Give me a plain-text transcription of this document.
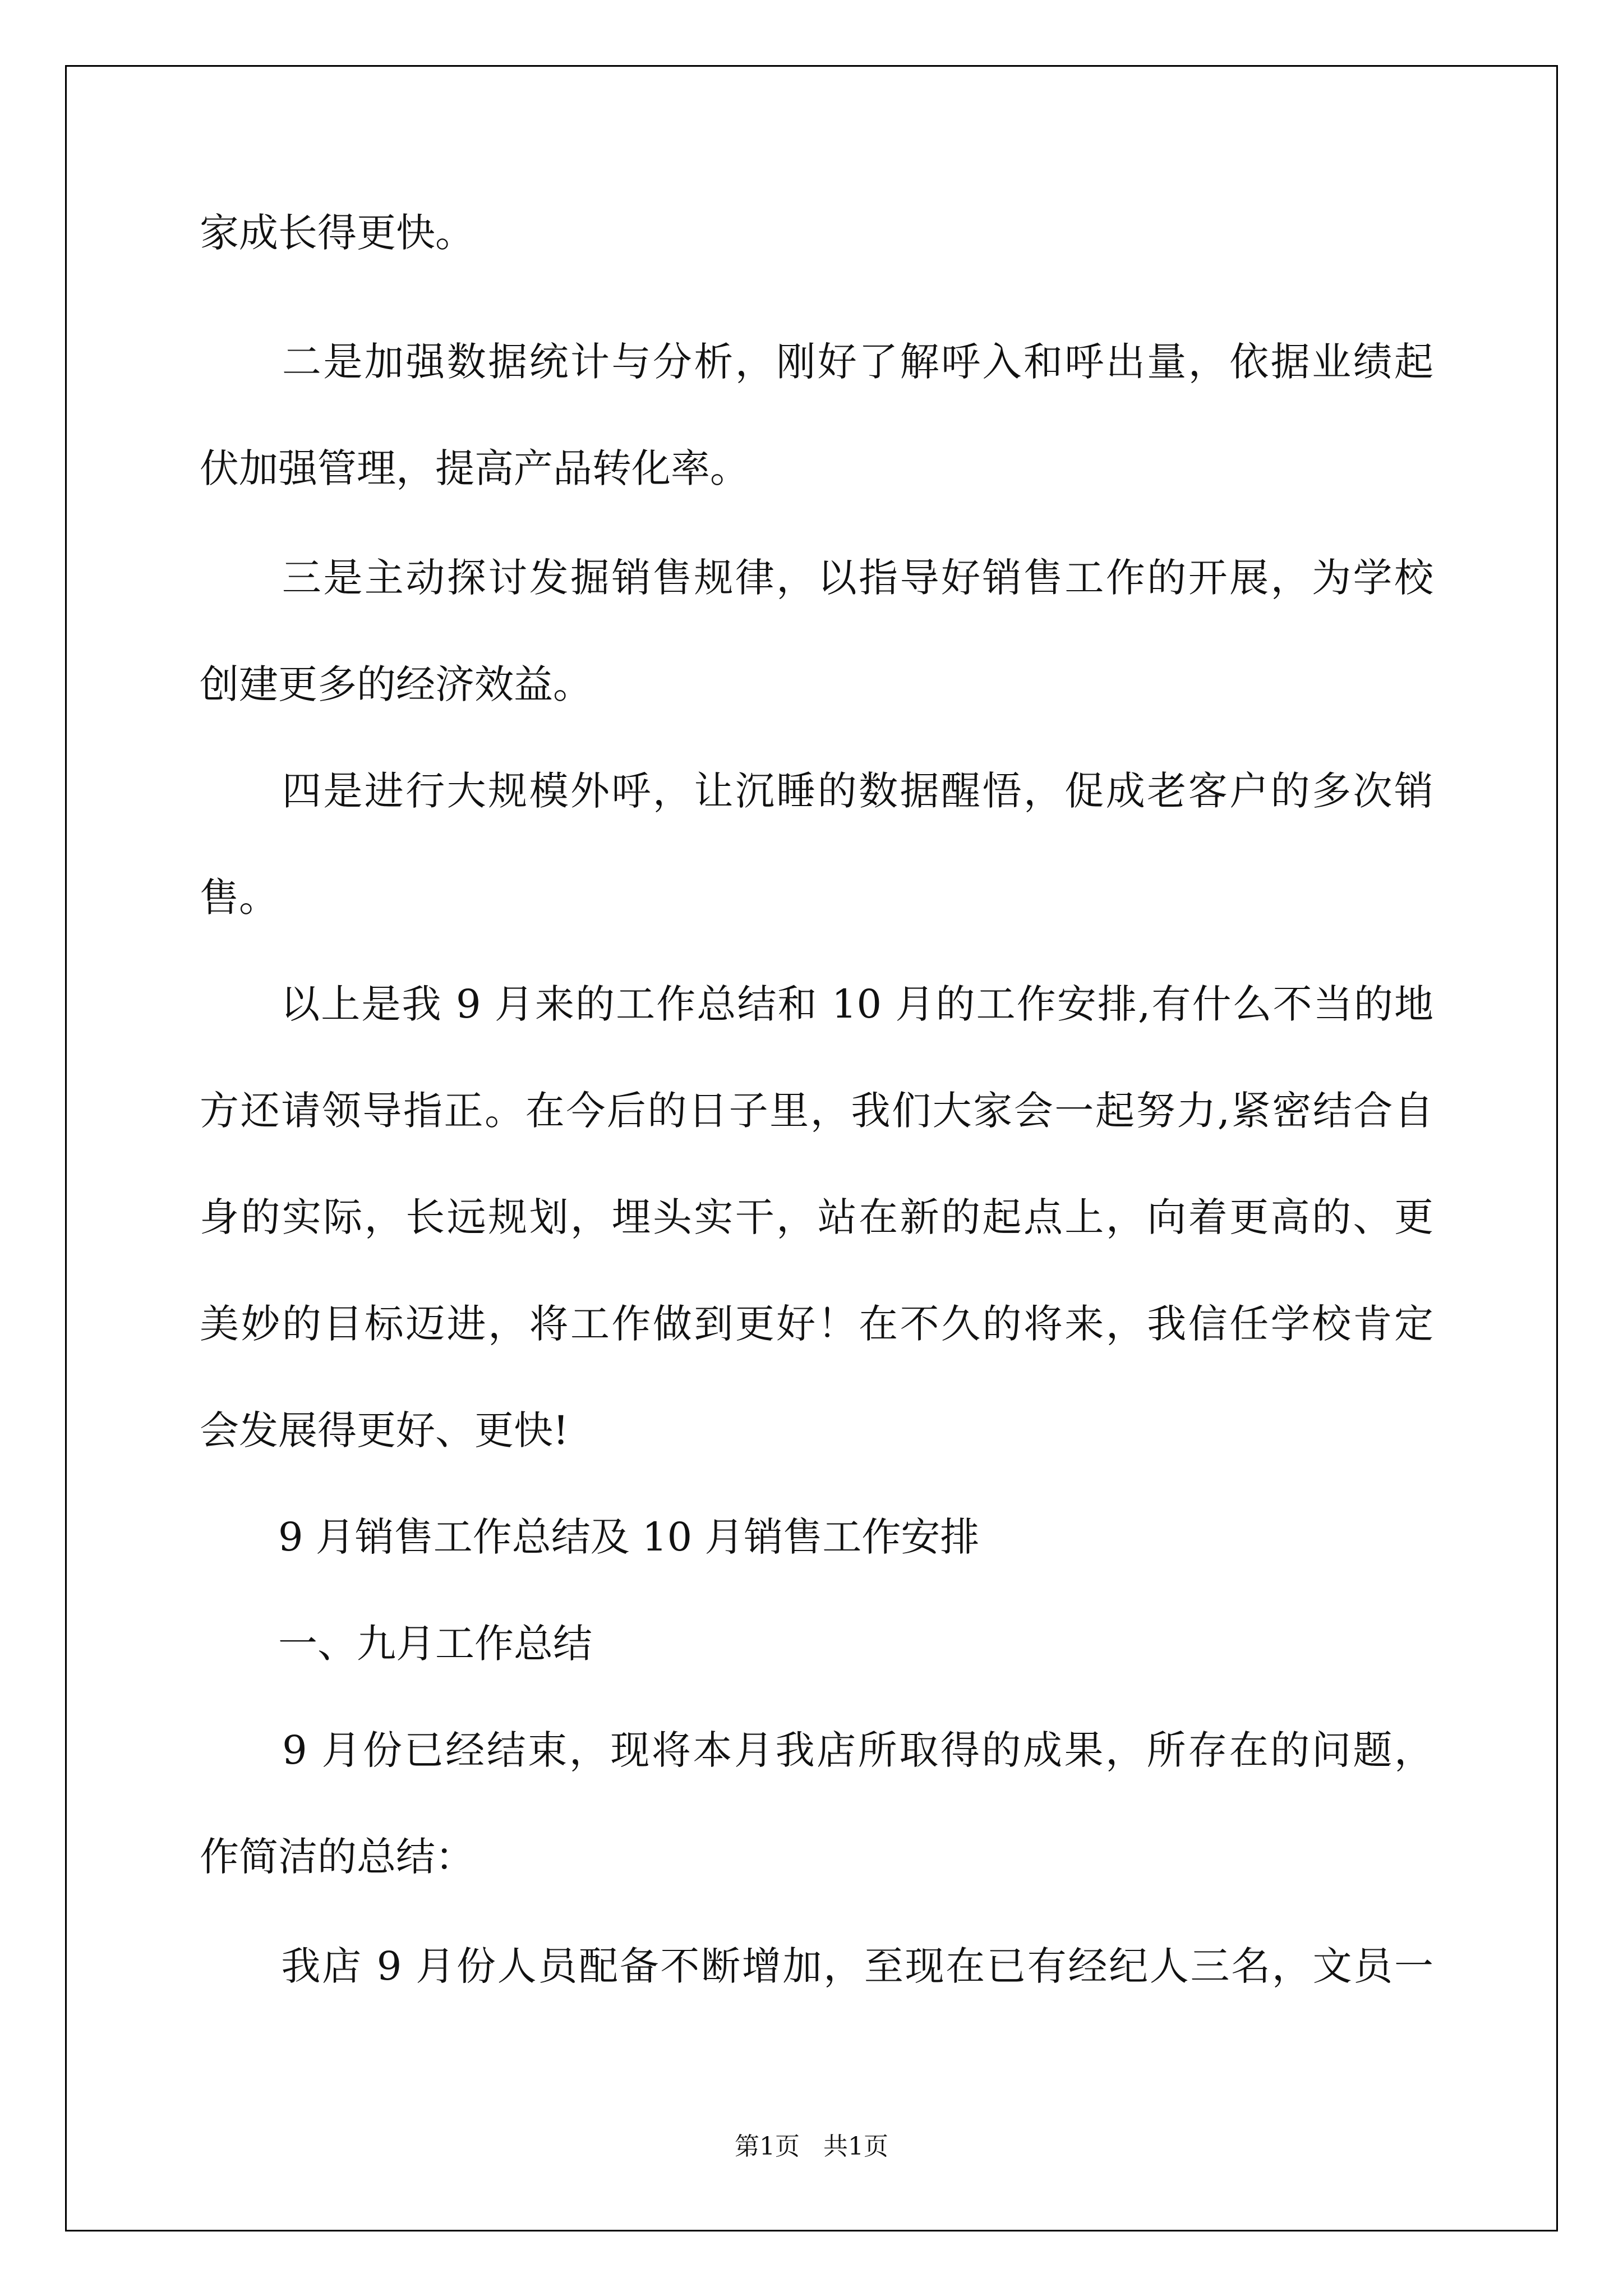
家成长得更快。
　　二是加强数据统计与分析，刚好了解呼入和呼出量，依据业绩起
伏加强管理，提高产品转化率。
　　三是主动探讨发掘销售规律，以指导好销售工作的开展，为学校
创建更多的经济效益。
　　四是进行大规模外呼，让沉睡的数据醒悟，促成老客户的多次销
售。
　　以上是我 9 月来的工作总结和 10 月的工作安排,有什么不当的地
方还请领导指正。在今后的日子里，我们大家会一起努力,紧密结合自
身的实际，长远规划，埋头实干，站在新的起点上，向着更高的、更
美妙的目标迈进，将工作做到更好！在不久的将来，我信任学校肯定
会发展得更好、更快!
　　9 月销售工作总结及 10 月销售工作安排
　　一、九月工作总结
　　9 月份已经结束，现将本月我店所取得的成果，所存在的问题，
作简洁的总结：
　　我店 9 月份人员配备不断增加，至现在已有经纪人三名，文员一
第1页   共1页
